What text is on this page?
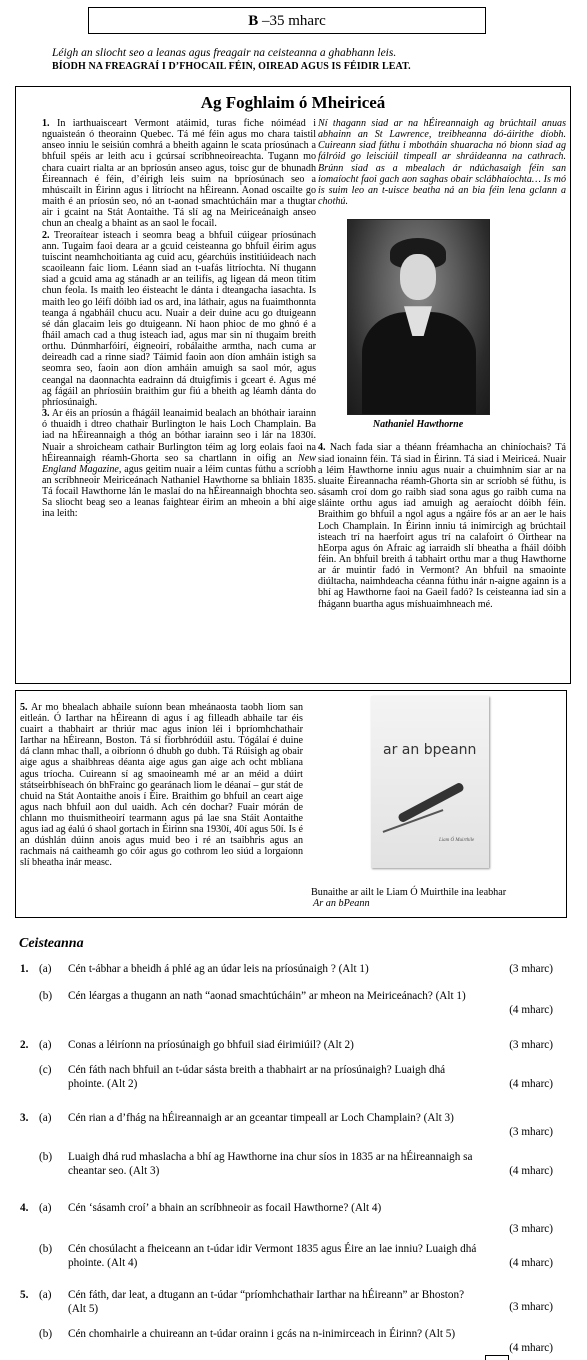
B –35 mharc
Léigh an sliocht seo a leanas agus freagair na ceisteanna a ghabhann leis.
BÍODH NA FREAGRAÍ I D’FHOCAIL FÉIN, OIREAD AGUS IS FÉIDIR LEAT.
Ag Foghlaim ó Mheiriceá
1. In iarthuaisceart Vermont atáimid, turas fiche nóiméad i nguaisteán ó theorainn Quebec. Tá mé féin agus mo chara taistil anseo inniu le seisiún comhrá a bheith againn le scata príosúnach a bhfuil spéis ar leith acu i gcúrsaí scríbhneoireachta. Tugann mo chara cuairt rialta ar an bpríosún anseo agus, toisc gur de bhunadh Éireannach é féin, d’éirigh leis suim na bpríosúnach seo a mhúscailt in Éirinn agus i litríocht na hÉireann. Aonad oscailte go maith é an príosún seo, nó an t-aonad smachtúcháin mar a thugtar air i gcaint na Stát Aontaithe. Tá slí ag na Meiriceánaigh anseo chun an chealg a bhaint as an saol le focail.
2. Treoraítear isteach i seomra beag a bhfuil cúigear príosúnach ann. Tugaim faoi deara ar a gcuid ceisteanna go bhfuil éirim agus tuiscint neamhchoitianta ag cuid acu, géarchúis institiúideach nach scaoileann faic liom. Léann siad an t-uafás litríochta. Ní thugann siad a gcuid ama ag stánadh ar an teilifís, ag ligean dá meon titim chun feola. Is maith leo éisteacht le dánta i dteangacha iasachta. Is maith leo go léifí dóibh iad os ard, ina láthair, agus na fuaimthonnta teanga á ngabháil chucu acu. Nuair a deir duine acu go dtuigeann sé dán glacaim leis go dtuigeann. Ní haon phioc de mo ghnó é a fháil amach cad a thug isteach iad, agus mar sin ní thugaim breith orthu. Dúnmharfóirí, éigneoirí, robálaithe armtha, nach cuma ar deireadh cad a rinne siad? Táimid faoin aon díon amháin istigh sa seomra seo, faoin aon díon amháin amuigh sa saol mór, agus ceangal na daonnachta eadrainn dá dtuigfimis i gceart é. Agus mé ag fágáil an phríosúin braithim gur fiú a bheith ag léamh dánta do phríosúnaigh.
3. Ar éis an príosún a fhágáil leanaimid bealach an bhóthair iarainn ó thuaidh i dtreo chathair Burlington le hais Loch Champlain. Ba iad na hÉireannaigh a thóg an bóthar iarainn seo i lár na 1830í. Nuair a shroicheam cathair Burlington téim ag lorg eolais faoi na hÉireannaigh réamh-Ghorta seo sa chartlann in oifig an New England Magazine, agus geitim nuair a léim cuntas fúthu a scríobh an scríbhneoir Meiriceánach Nathaniel Hawthorne sa bhliain 1835. Tá focail Hawthorne lán le maslaí do na hÉireannaigh bhochta seo. Sa sliocht beag seo a leanas faightear éirim an mheoin a bhí aige ina leith:
Ní thagann siad ar na hÉireannaigh ag brúchtail anuas abhainn an St Lawrence, treibheanna dó-áirithe díobh. Cuireann siad fúthu i mbotháin shuaracha nó bionn siad ag fálróid go leisciúil timpeall ar shráideanna na cathrach. Brúnn siad as a mbealach ár ndúchasaigh féin san iomaíocht faoi gach aon saghas obair sclábhaíochta… Is mó is suim leo an t-uisce beatha ná an bia féin lena gclann a chothú.
Nathaniel Hawthorne
4. Nach fada siar a théann fréamhacha an chiníochais? Tá siad ionainn féin. Tá siad in Éirinn. Tá siad i Meiriceá. Nuair a léim Hawthorne inniu agus nuair a chuimhním siar ar na sluaite Éireannacha réamh-Ghorta sin ar scríobh sé fúthu, is sásamh croí dom go raibh siad sona agus go raibh cuma na sláinte orthu agus iad amuigh ag aeraíocht dóibh féin. Braithim go bhfuil a ngol agus a ngáire fós ar an aer le hais Loch Champlain. In Éirinn inniu tá inimircigh ag brúchtail isteach trí na haerfoirt agus trí na calafoirt ó Oirthear na hEorpa agus ón Afraic ag iarraidh slí bheatha a fháil dóibh féin. An bhfuil breith á tabhairt orthu mar a thug Hawthorne ar ár muintir fadó in Vermont? An bhfuil na smaointe diúltacha, naimhdeacha céanna fúthu inár n-aigne againn is a bhí ag Hawthorne faoi na Gaeil fadó? Is ceisteanna iad sin a fhágann buartha agus míshuaimhneach mé.
5. Ar mo bhealach abhaile suíonn bean mheánaosta taobh liom san eitleán. Ó Iarthar na hÉireann di agus í ag filleadh abhaile tar éis cuairt a thabhairt ar thriúr mac agus iníon léi i bpríomhchathair Iarthar na hÉireann, Boston. Tá sí fiorbhródúil astu. Tógálaí é duine dá clann mhac thall, a oibríonn ó dhubh go dubh. Tá Rúisigh ag obair aige agus a shaibhreas déanta aige agus gan aige ach ocht mbliana agus tríocha. Cuireann sí ag smaoineamh mé ar an méid a dúirt státseirbhíseach ón bhFrainc go gearánach liom le déanaí – gur stát de chuid na Stát Aontaithe anois í Éire. Braithim go bhfuil an ceart aige agus nach bhfuil aon dul uaidh. Ach cén dochar? Fuair mórán de chlann mo thuismitheoirí tearmann agus pá lae sna Stáit Aontaithe agus iad ag éalú ó shaol gortach in Éirinn sna 1930í, 40í agus 50í. Is é an dúshlán dúinn anois agus muid beo i ré an tsaibhris agus an rachmais ná caitheamh go cóir agus go cothrom leo siúd a lorgaíonn slí bheatha inár measc.
ar an bpeann
Liam Ó Muirthile
Bunaithe ar ailt le Liam Ó Muirthile ina leabhar
Ar an bPeann
Ceisteanna
1. (a) Cén t-ábhar a bheidh á phlé ag an údar leis na príosúnaigh ? (Alt 1)	(3 mharc)
(b) Cén léargas a thugann an nath “aonad smachtúcháin” ar mheon na Meiriceánach? (Alt 1)
(4 mharc)
2. (a) Conas a léiríonn na príosúnaigh go bhfuil siad éirimiúil? (Alt 2)	(3 mharc)
(c) Cén fáth nach bhfuil an t-údar sásta breith a thabhairt ar na príosúnaigh? Luaigh dhá phointe. (Alt 2)	(4 mharc)
3. (a) Cén rian a d’fhág na hÉireannaigh ar an gceantar timpeall ar Loch Champlain? (Alt 3)
(3 mharc)
(b) Luaigh dhá rud mhaslacha a bhí ag Hawthorne ina chur síos in 1835 ar na hÉireannaigh sa cheantar seo. (Alt 3)	(4 mharc)
4. (a) Cén ‘sásamh croí’ a bhain an scríbhneoir as focail Hawthorne? (Alt 4)
(3 mharc)
(b) Cén chosúlacht a fheiceann an t-údar idir Vermont 1835 agus Éire an lae inniu? Luaigh dhá phointe. (Alt 4)	(4 mharc)
5. (a) Cén fáth, dar leat, a dtugann an t-údar “príomhchathair Iarthar na hÉireann” ar Bhoston? (Alt 5)	(3 mharc)
(b) Cén chomhairle a chuireann an t-údar orainn i gcás na n-inimirceach in Éirinn? (Alt 5)
(4 mharc)
